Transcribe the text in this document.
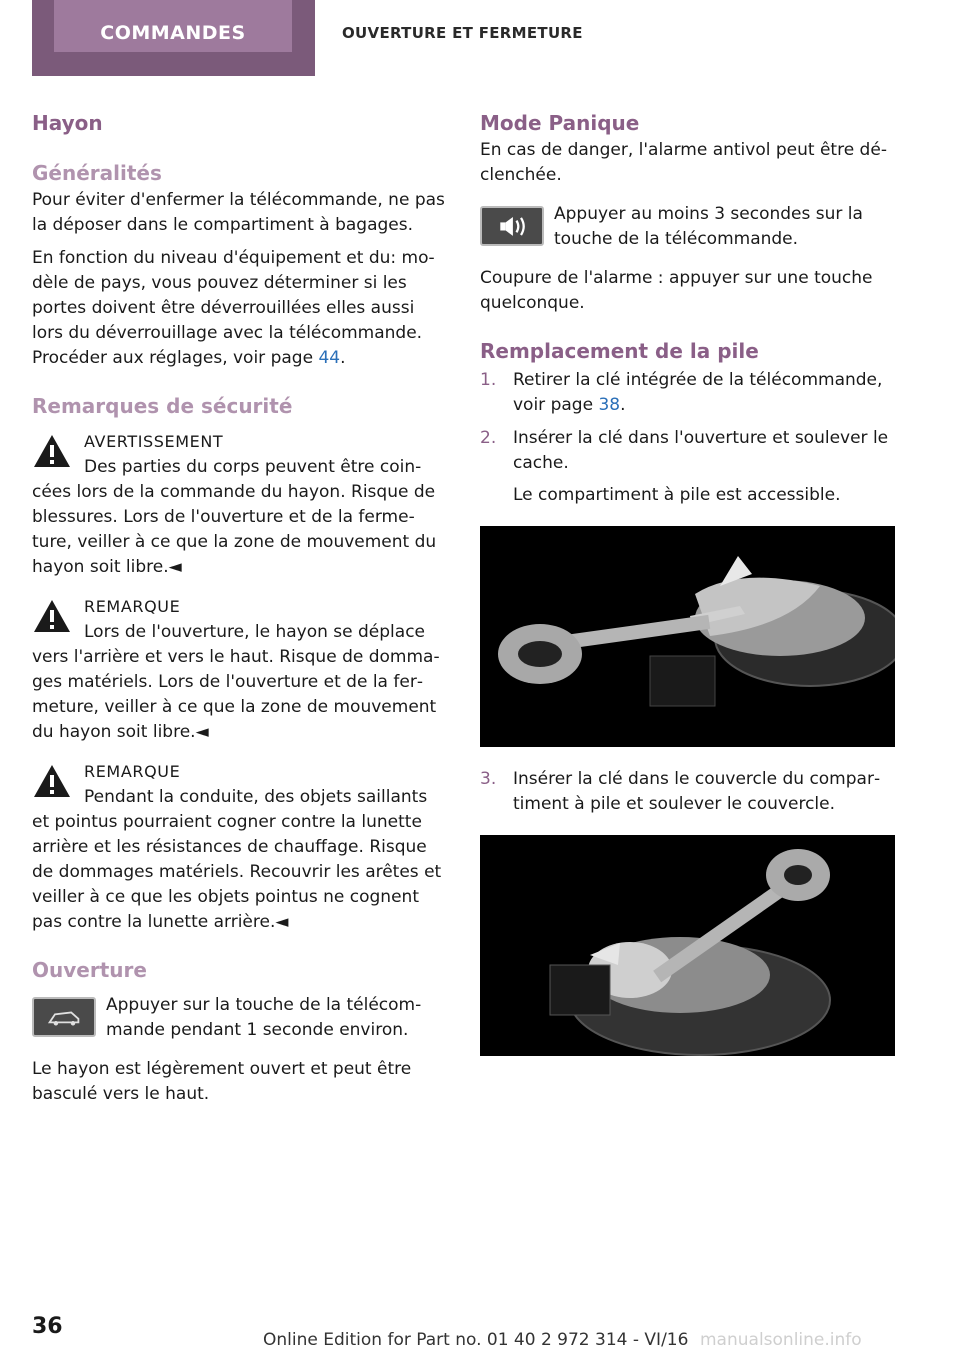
COMMANDES	OUVERTURE ET FERMETURE
Hayon
Généralités

Pour éviter d'enfermer la télécommande, ne pas la déposer dans le compartiment à bagages.

En fonction du niveau d'équipement et du: modèle de pays, vous pouvez déterminer si les portes doivent être déverrouillées elles aussi lors du déverrouillage avec la télécommande. Procéder aux réglages, voir page 44.

Remarques de sécurité
AVERTISSEMENT

Des parties du corps peuvent être coincées lors de la commande du hayon. Risque de blessures. Lors de l'ouverture et de la fermeture, veiller à ce que la zone de mouvement du hayon soit libre.◄

REMARQUE

Lors de l'ouverture, le hayon se déplace vers l'arrière et vers le haut. Risque de dommages matériels. Lors de l'ouverture et de la fermeture, veiller à ce que la zone de mouvement du hayon soit libre.◄

REMARQUE

Pendant la conduite, des objets saillants et pointus pourraient cogner contre la lunette arrière et les résistances de chauffage. Risque de dommages matériels. Recouvrir les arêtes et veiller à ce que les objets pointus ne cognent pas contre la lunette arrière.◄

Ouverture

Appuyer sur la touche de la télécommande pendant 1 seconde environ.

Le hayon est légèrement ouvert et peut être basculé vers le haut.

Mode Panique

En cas de danger, l'alarme antivol peut être déclenchée.

Appuyer au moins 3 secondes sur la touche de la télécommande.

Coupure de l'alarme : appuyer sur une touche quelconque.

Remplacement de la pile
1. Retirer la clé intégrée de la télécommande, voir page 38.

2. Insérer la clé dans l'ouverture et soulever le cache.

Le compartiment à pile est accessible.

3. Insérer la clé dans le couvercle du compartiment à pile et soulever le couvercle.

36
Online Edition for Part no. 01 40 2 972 314 - VI/16 manualsonline.info
